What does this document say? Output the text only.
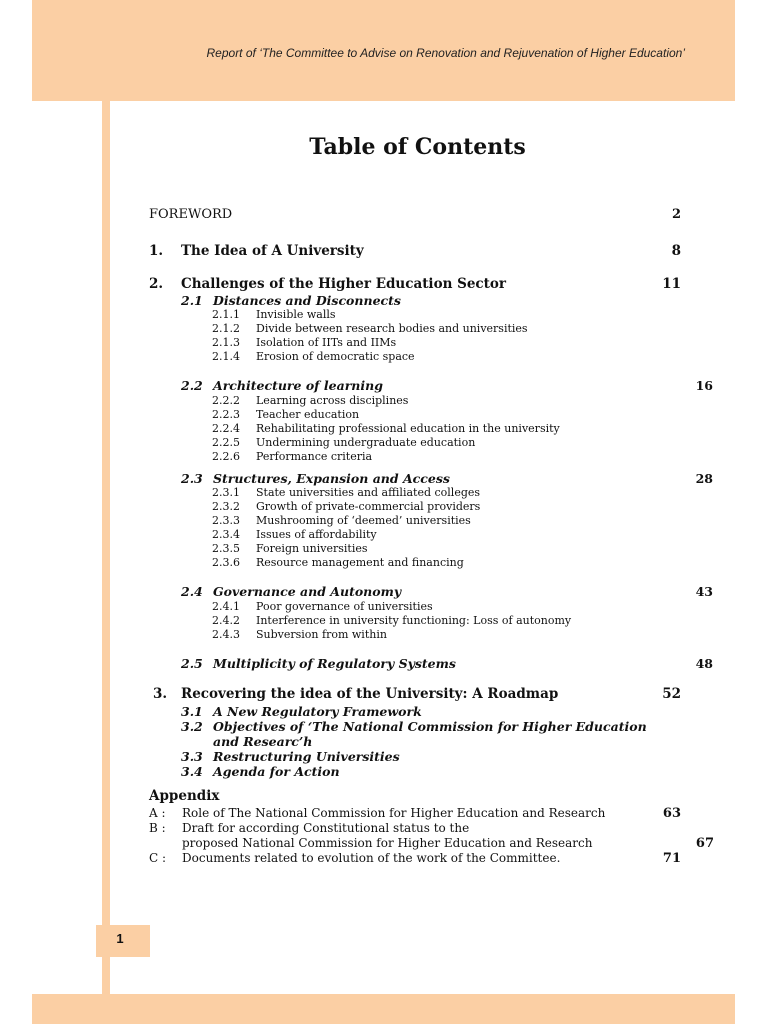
Report of ‘The Committee to Advise on Renovation and Rejuvenation of Higher Education’
1
Table of Contents
FOREWORD	2
1. The Idea of A University	8
2. Challenges of the Higher Education Sector	11
2.1 Distances and Disconnects
2.1.1 Invisible walls
2.1.2 Divide between research bodies and universities
2.1.3 Isolation of IITs and IIMs
2.1.4 Erosion of democratic space
2.2 Architecture of learning	16
2.2.2 Learning across disciplines
2.2.3 Teacher education
2.2.4 Rehabilitating professional education in the university
2.2.5 Undermining undergraduate education
2.2.6 Performance criteria
2.3 Structures, Expansion and Access	28
2.3.1 State universities and affiliated colleges
2.3.2 Growth of private-commercial providers
2.3.3 Mushrooming of ‘deemed’ universities
2.3.4 Issues of affordability
2.3.5 Foreign universities
2.3.6 Resource management and financing
2.4 Governance and Autonomy	43
2.4.1 Poor governance of universities
2.4.2 Interference in university functioning: Loss of autonomy
2.4.3 Subversion from within
2.5 Multiplicity of Regulatory Systems	48
3. Recovering the idea of the University: A Roadmap	52
3.1 A New Regulatory Framework
3.2 Objectives of ‘The National Commission for Higher Education
and Researc’h
3.3 Restructuring Universities
3.4 Agenda for Action
Appendix
A : Role of The National Commission for Higher Education and Research	63
B : Draft for according Constitutional status to the
proposed National Commission for Higher Education and Research	67
C : Documents related to evolution of the work of the Committee.	71
